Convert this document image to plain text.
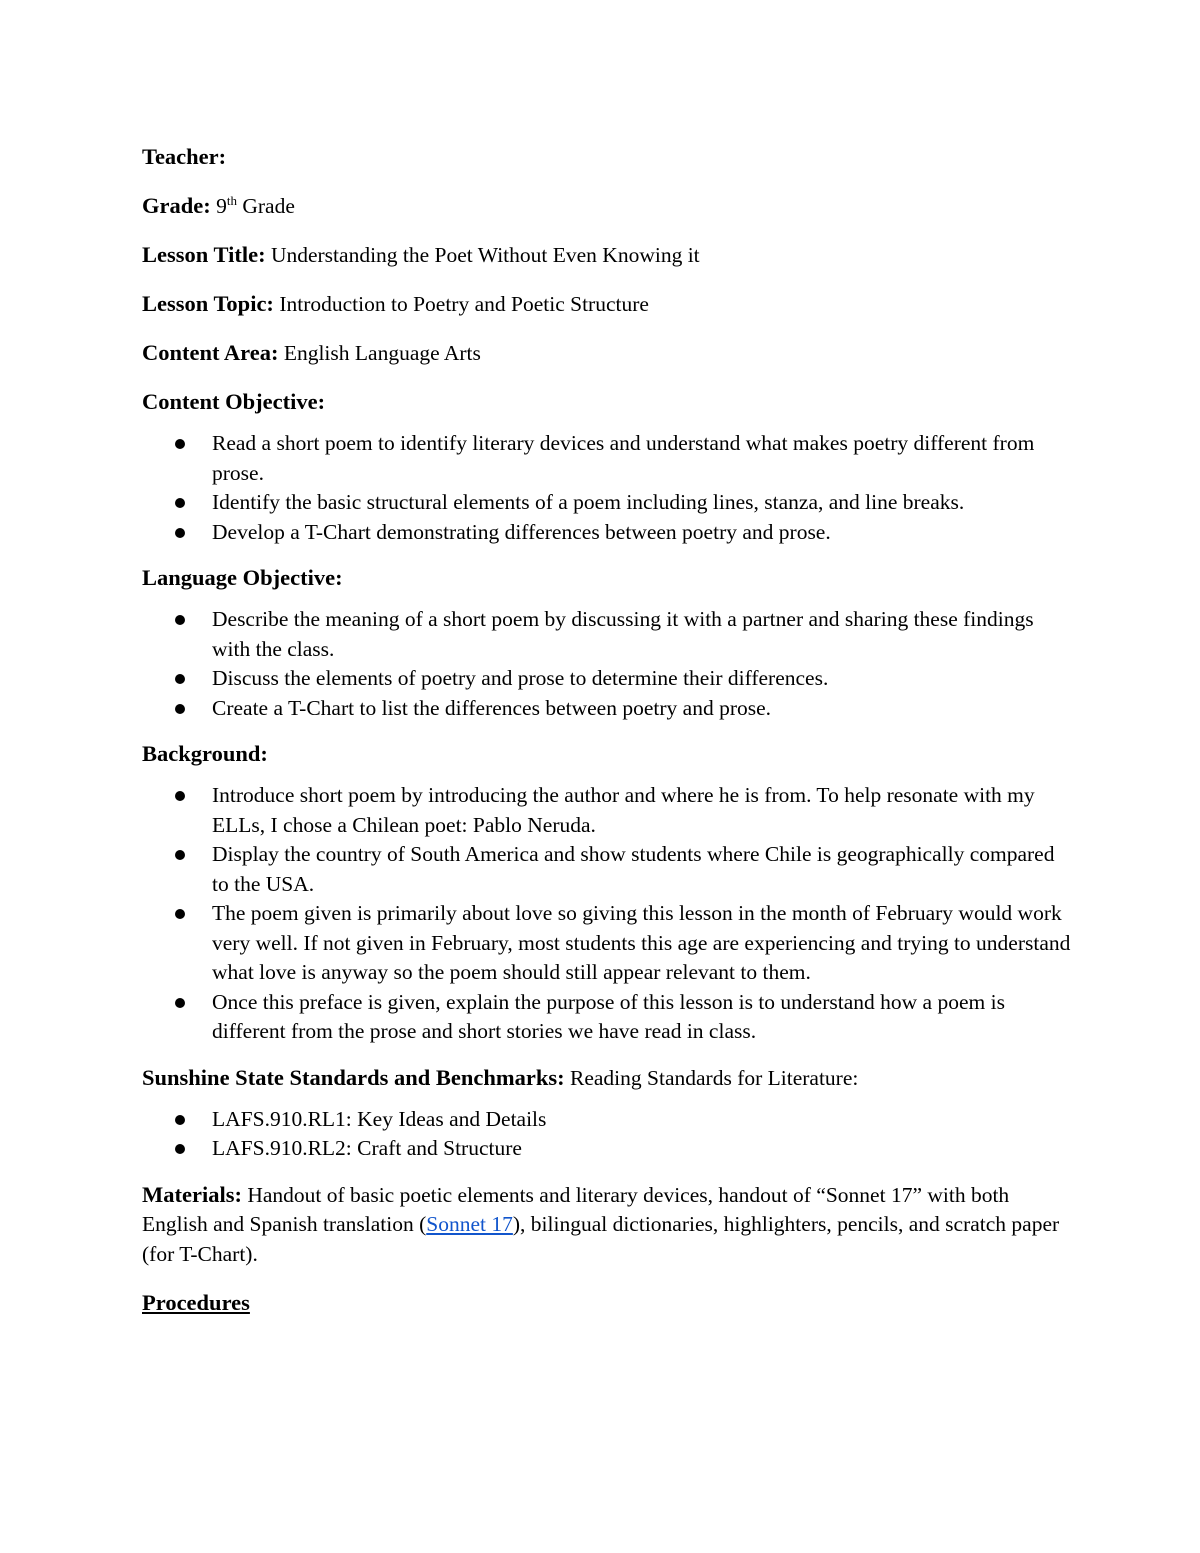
Teacher:
Grade: 9th Grade
Lesson Title: Understanding the Poet Without Even Knowing it
Lesson Topic: Introduction to Poetry and Poetic Structure
Content Area: English Language Arts
Content Objective:
Read a short poem to identify literary devices and understand what makes poetry different from prose.
Identify the basic structural elements of a poem including lines, stanza, and line breaks.
Develop a T-Chart demonstrating differences between poetry and prose.
Language Objective:
Describe the meaning of a short poem by discussing it with a partner and sharing these findings with the class.
Discuss the elements of poetry and prose to determine their differences.
Create a T-Chart to list the differences between poetry and prose.
Background:
Introduce short poem by introducing the author and where he is from. To help resonate with my ELLs, I chose a Chilean poet: Pablo Neruda.
Display the country of South America and show students where Chile is geographically compared to the USA.
The poem given is primarily about love so giving this lesson in the month of February would work very well. If not given in February, most students this age are experiencing and trying to understand what love is anyway so the poem should still appear relevant to them.
Once this preface is given, explain the purpose of this lesson is to understand how a poem is different from the prose and short stories we have read in class.
Sunshine State Standards and Benchmarks: Reading Standards for Literature:
LAFS.910.RL1: Key Ideas and Details
LAFS.910.RL2: Craft and Structure
Materials: Handout of basic poetic elements and literary devices, handout of “Sonnet 17” with both English and Spanish translation (Sonnet 17), bilingual dictionaries, highlighters, pencils, and scratch paper (for T-Chart).
Procedures
